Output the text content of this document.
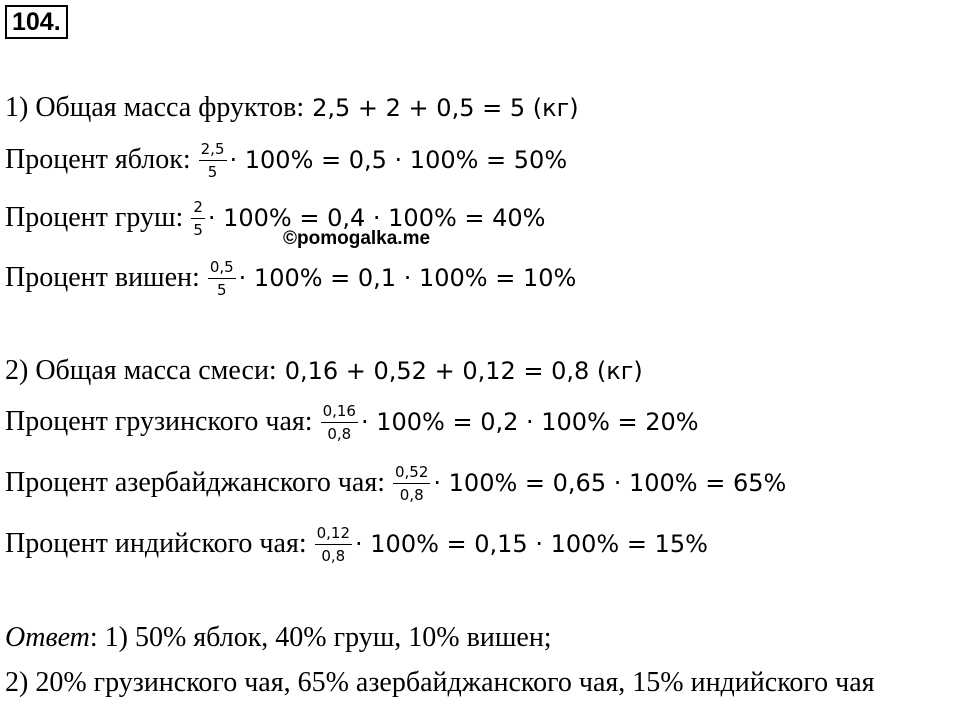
104.
1) Общая масса фруктов: 2,5 + 2 + 0,5 = 5 (кг)
Процент яблок: $\frac{2,5}{5} \cdot 100\% = 0,5 \cdot 100\% = 50\%$
Процент груш: $\frac{2}{5} \cdot 100\% = 0,4 \cdot 100\% = 40\%$
©pomogalka.me
Процент вишен: $\frac{0,5}{5} \cdot 100\% = 0,1 \cdot 100\% = 10\%$
2) Общая масса смеси: 0,16 + 0,52 + 0,12 = 0,8 (кг)
Процент грузинского чая: $\frac{0,16}{0,8} \cdot 100\% = 0,2 \cdot 100\% = 20\%$
Процент азербайджанского чая: $\frac{0,52}{0,8} \cdot 100\% = 0,65 \cdot 100\% = 65\%$
Процент индийского чая: $\frac{0,12}{0,8} \cdot 100\% = 0,15 \cdot 100\% = 15\%$
Ответ : 1) 50% яблок, 40% груш, 10% вишен;
2) 20% грузинского чая, 65% азербайджанского чая, 15% индийского чая
